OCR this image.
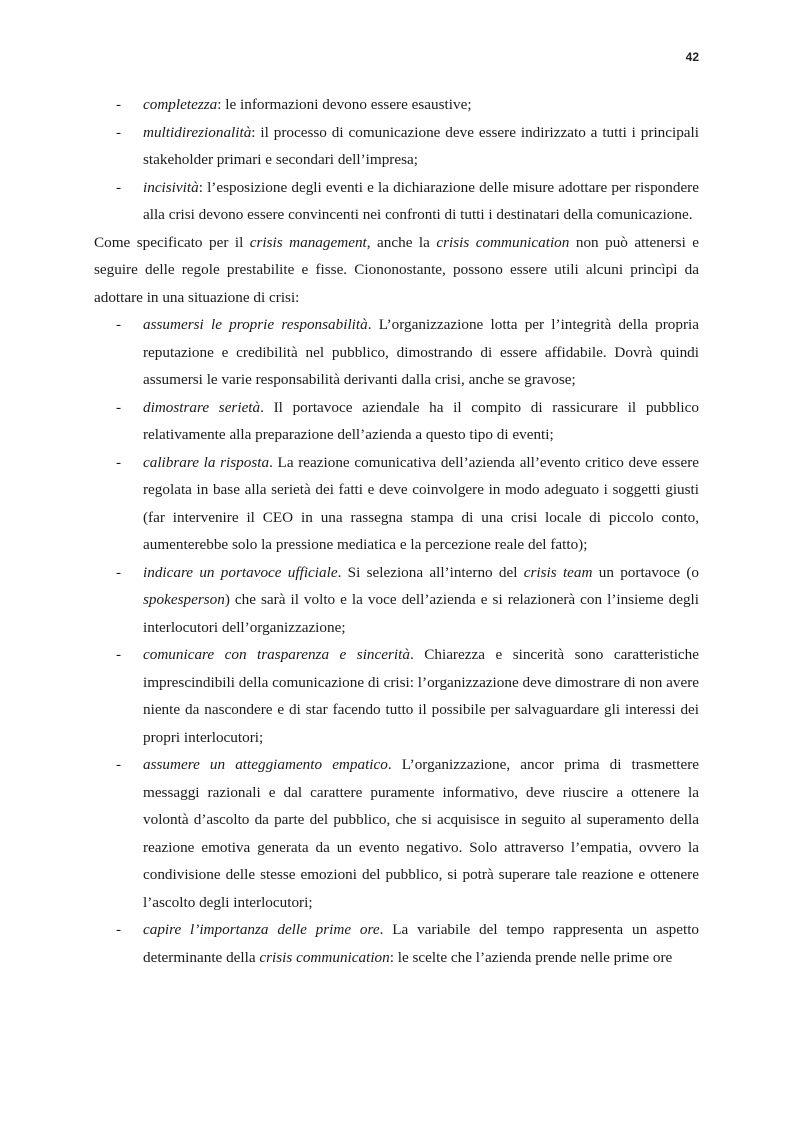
42
- completezza: le informazioni devono essere esaustive;
- multidirezionalità: il processo di comunicazione deve essere indirizzato a tutti i principali stakeholder primari e secondari dell’impresa;
- incisività: l’esposizione degli eventi e la dichiarazione delle misure adottare per rispondere alla crisi devono essere convincenti nei confronti di tutti i destinatari della comunicazione.

Come specificato per il crisis management, anche la crisis communication non può attenersi e seguire delle regole prestabilite e fisse. Ciononostante, possono essere utili alcuni princìpi da adottare in una situazione di crisi:

- assumersi le proprie responsabilità. L’organizzazione lotta per l’integrità della propria reputazione e credibilità nel pubblico, dimostrando di essere affidabile. Dovrà quindi assumersi le varie responsabilità derivanti dalla crisi, anche se gravose;
- dimostrare serietà. Il portavoce aziendale ha il compito di rassicurare il pubblico relativamente alla preparazione dell’azienda a questo tipo di eventi;
- calibrare la risposta. La reazione comunicativa dell’azienda all’evento critico deve essere regolata in base alla serietà dei fatti e deve coinvolgere in modo adeguato i soggetti giusti (far intervenire il CEO in una rassegna stampa di una crisi locale di piccolo conto, aumenterebbe solo la pressione mediatica e la percezione reale del fatto);
- indicare un portavoce ufficiale. Si seleziona all’interno del crisis team un portavoce (o spokesperson) che sarà il volto e la voce dell’azienda e si relazionerà con l’insieme degli interlocutori dell’organizzazione;
- comunicare con trasparenza e sincerità. Chiarezza e sincerità sono caratteristiche imprescindibili della comunicazione di crisi: l’organizzazione deve dimostrare di non avere niente da nascondere e di star facendo tutto il possibile per salvaguardare gli interessi dei propri interlocutori;
- assumere un atteggiamento empatico. L’organizzazione, ancor prima di trasmettere messaggi razionali e dal carattere puramente informativo, deve riuscire a ottenere la volontà d’ascolto da parte del pubblico, che si acquisisce in seguito al superamento della reazione emotiva generata da un evento negativo. Solo attraverso l’empatia, ovvero la condivisione delle stesse emozioni del pubblico, si potrà superare tale reazione e ottenere l’ascolto degli interlocutori;
- capire l’importanza delle prime ore. La variabile del tempo rappresenta un aspetto determinante della crisis communication: le scelte che l’azienda prende nelle prime ore
